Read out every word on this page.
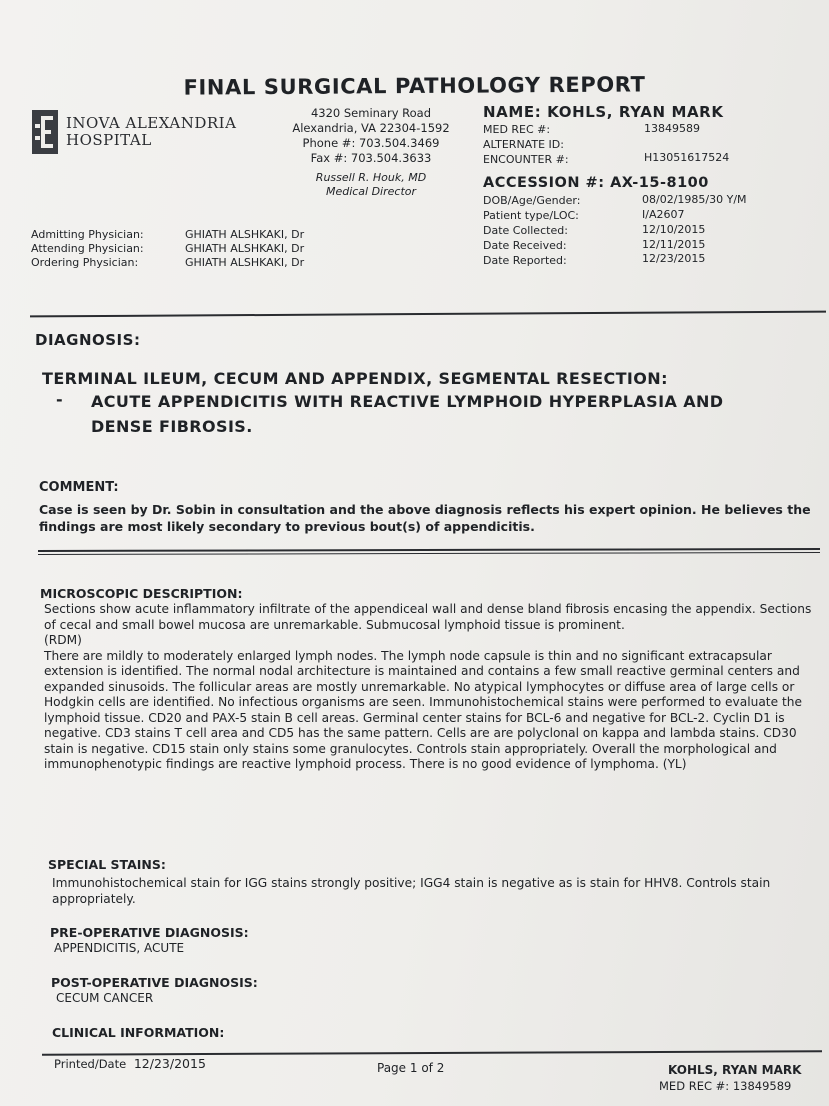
FINAL SURGICAL PATHOLOGY REPORT
INOVA ALEXANDRIA
HOSPITAL
4320 Seminary Road
Alexandria, VA 22304-1592
Phone #: 703.504.3469
Fax #: 703.504.3633
Russell R. Houk, MD
Medical Director
NAME: KOHLS, RYAN MARK
MED REC #:	13849589
ALTERNATE ID:
ENCOUNTER #:	H13051617524
ACCESSION #: AX-15-8100
DOB/Age/Gender:	08/02/1985/30 Y/M
Patient type/LOC:	I/A2607
Date Collected:	12/10/2015
Date Received:	12/11/2015
Date Reported:	12/23/2015
Admitting Physician:	GHIATH ALSHKAKI, Dr
Attending Physician:	GHIATH ALSHKAKI, Dr
Ordering Physician:	GHIATH ALSHKAKI, Dr
DIAGNOSIS:
TERMINAL ILEUM, CECUM AND APPENDIX, SEGMENTAL RESECTION:
- ACUTE APPENDICITIS WITH REACTIVE LYMPHOID HYPERPLASIA AND DENSE FIBROSIS.
COMMENT:
Case is seen by Dr. Sobin in consultation and the above diagnosis reflects his expert opinion. He believes the findings are most likely secondary to previous bout(s) of appendicitis.
MICROSCOPIC DESCRIPTION:

Sections show acute inflammatory infiltrate of the appendiceal wall and dense bland fibrosis encasing the appendix. Sections of cecal and small bowel mucosa are unremarkable. Submucosal lymphoid tissue is prominent.

(RDM)

There are mildly to moderately enlarged lymph nodes. The lymph node capsule is thin and no significant extracapsular extension is identified. The normal nodal architecture is maintained and contains a few small reactive germinal centers and expanded sinusoids. The follicular areas are mostly unremarkable. No atypical lymphocytes or diffuse area of large cells or Hodgkin cells are identified. No infectious organisms are seen. Immunohistochemical stains were performed to evaluate the lymphoid tissue. CD20 and PAX-5 stain B cell areas. Germinal center stains for BCL-6 and negative for BCL-2. Cyclin D1 is negative. CD3 stains T cell area and CD5 has the same pattern. Cells are are polyclonal on kappa and lambda stains. CD30 stain is negative. CD15 stain only stains some granulocytes. Controls stain appropriately. Overall the morphological and immunophenotypic findings are reactive lymphoid process. There is no good evidence of lymphoma. (YL)

SPECIAL STAINS:
Immunohistochemical stain for IGG stains strongly positive; IGG4 stain is negative as is stain for HHV8. Controls stain appropriately.
PRE-OPERATIVE DIAGNOSIS:
APPENDICITIS, ACUTE
POST-OPERATIVE DIAGNOSIS:
CECUM CANCER
CLINICAL INFORMATION:
Printed/Date 12/23/2015	Page 1 of 2	KOHLS, RYAN MARK
MED REC #: 13849589
